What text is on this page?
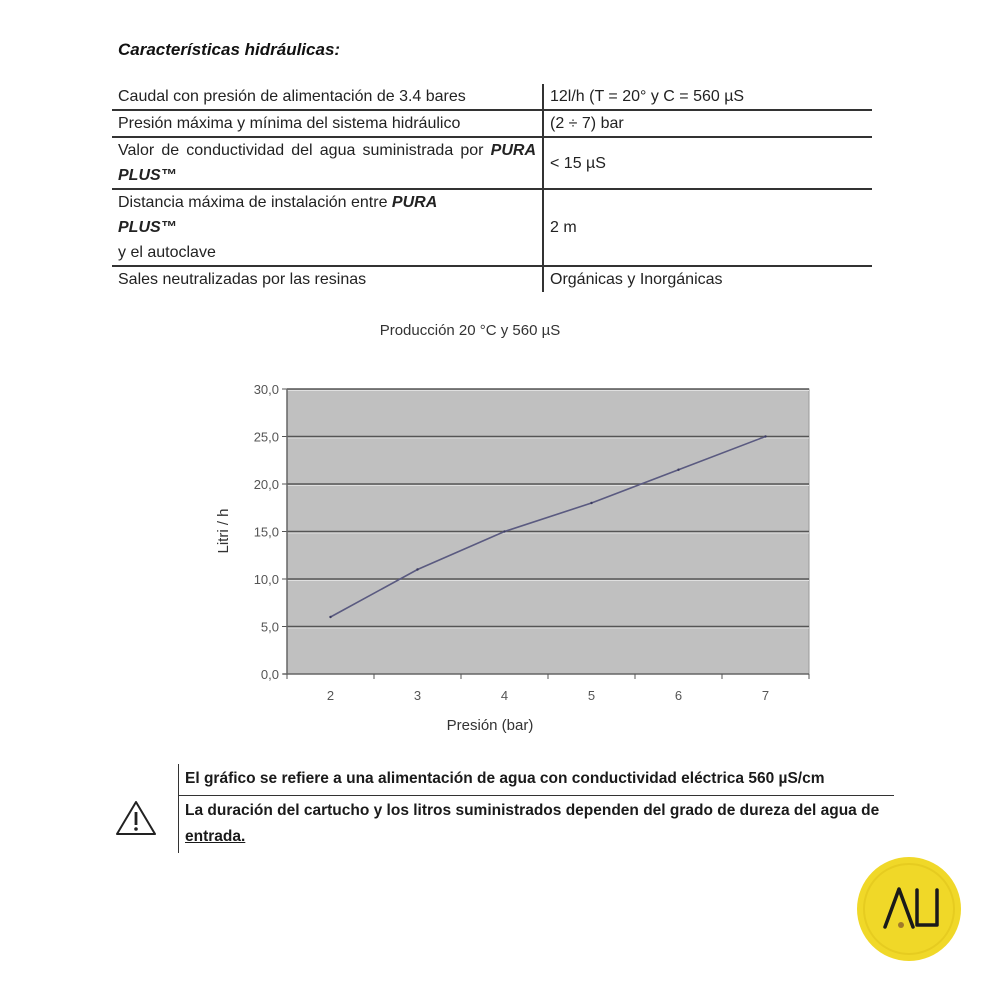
Características hidráulicas:
Caudal con presión de alimentación de 3.4 bares	12l/h (T = 20° y C = 560 µS
Presión máxima y mínima del sistema hidráulico	(2 ÷ 7) bar
Valor de conductividad del agua suministrada por PURA PLUS™	< 15 µS
Distancia máxima de instalación entre PURA
PLUS™
y el autoclave	2 m
Sales neutralizadas por las resinas	Orgánicas y Inorgánicas
Producción 20 °C y 560 µS
0,0
5,0
10,0
15,0
20,0
25,0
30,0
2	3	4	5	6	7
Presión (bar)
Litri / h
El gráfico se refiere a una alimentación de agua con conductividad eléctrica 560 µS/cm
La duración del cartucho y los litros suministrados dependen del grado de dureza del agua de entrada.
